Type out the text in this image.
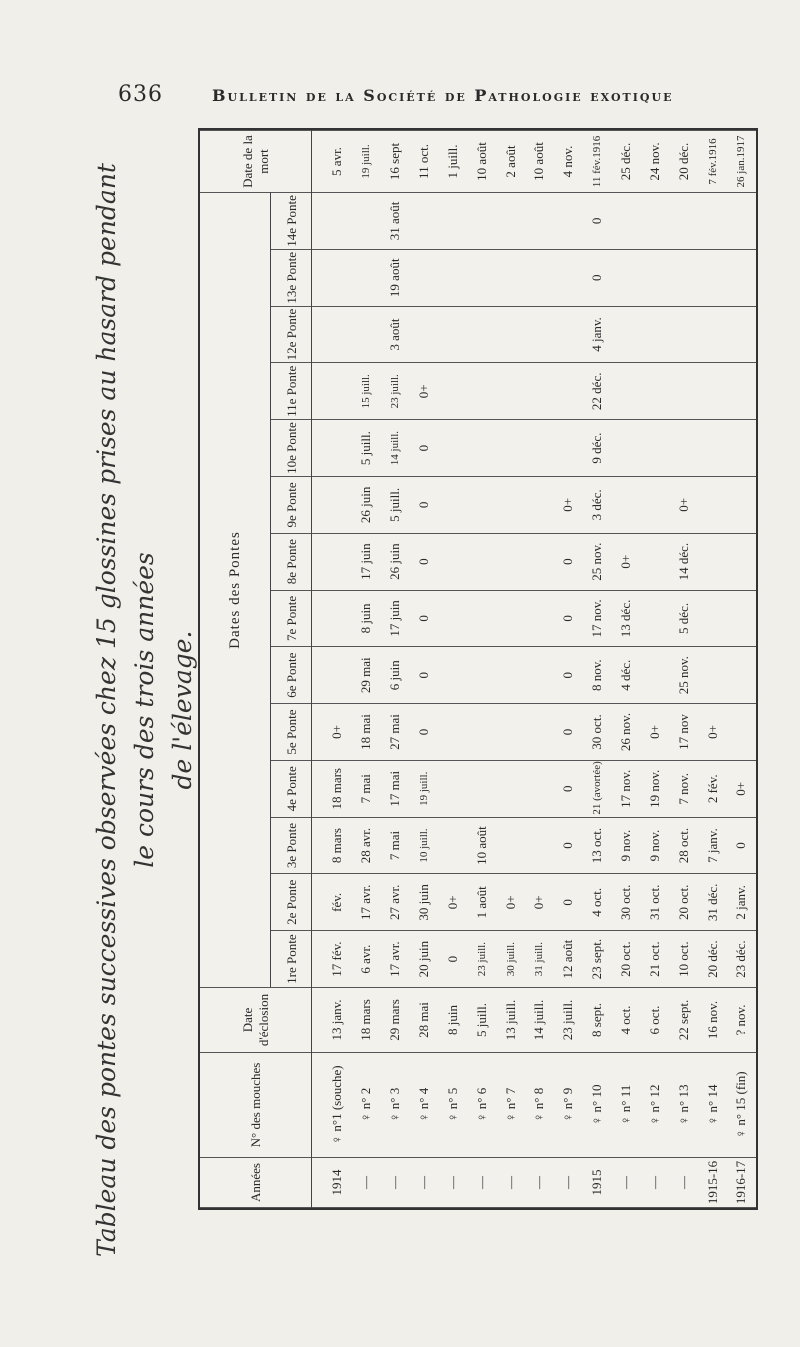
636	Bulletin de la Société de Pathologie exotique
Tableau des pontes successives observées chez 15 glossines prises au hasard pendant le cours des trois années de l'élevage.
Années	N° des mouches	Date d'éclosion	Dates des Pontes														Date de la mort
			1re Ponte	2e Ponte	3e Ponte	4e Ponte	5e Ponte	6e Ponte	7e Ponte	8e Ponte	9e Ponte	10e Ponte	11e Ponte	12e Ponte	13e Ponte	14e Ponte	
1914	♀ n°1 (souche)	13 janv.	17 fév.	fév.	8 mars	18 mars	0+										5 avr.
—	♀ n° 2	18 mars	6 avr.	17 avr.	28 avr.	7 mai	18 mai	29 mai	8 juin	17 juin	26 juin	5 juill.	15 juill.				19 juill.
—	♀ n° 3	29 mars	17 avr.	27 avr.	7 mai	17 mai	27 mai	6 juin	17 juin	26 juin	5 juill.	14 juill.	23 juill.	3 août	19 août	31 août	16 sept
—	♀ n° 4	28 mai	20 juin	30 juin	10 juill.	19 juill.	0	0	0	0	0	0	0+				11 oct.
—	♀ n° 5	8 juin	0	0+													1 juill.
—	♀ n° 6	5 juill.	23 juill.	1 août	10 août												10 août
—	♀ n° 7	13 juill.	30 juill.	0+													2 août
—	♀ n° 8	14 juill.	31 juill.	0+													10 août
—	♀ n° 9	23 juill.	12 août	0	0	0	0	0	0	0	0+						4 nov.
1915	♀ n° 10	8 sept.	23 sept.	4 oct.	13 oct.	21 (avortée)	30 oct.	8 nov.	17 nov.	25 nov.	3 déc.	9 déc.	22 déc.	4 janv.	0	0	11 fév.1916
—	♀ n° 11	4 oct.	20 oct.	30 oct.	9 nov.	17 nov.	26 nov.	4 déc.	13 déc.	0+							25 déc.
—	♀ n° 12	6 oct.	21 oct.	31 oct.	9 nov.	19 nov.	0+										24 nov.
—	♀ n° 13	22 sept.	10 oct.	20 oct.	28 oct.	7 nov.	17 nov	25 nov.	5 déc.	14 déc.	0+						20 déc.
1915-16	♀ n° 14	16 nov.	20 déc.	31 déc.	7 janv.	2 fév.	0+										7 fév.1916
1916-17	♀ n° 15 (fin)	? nov.	23 déc.	2 janv.	0	0+											26 jan.1917
